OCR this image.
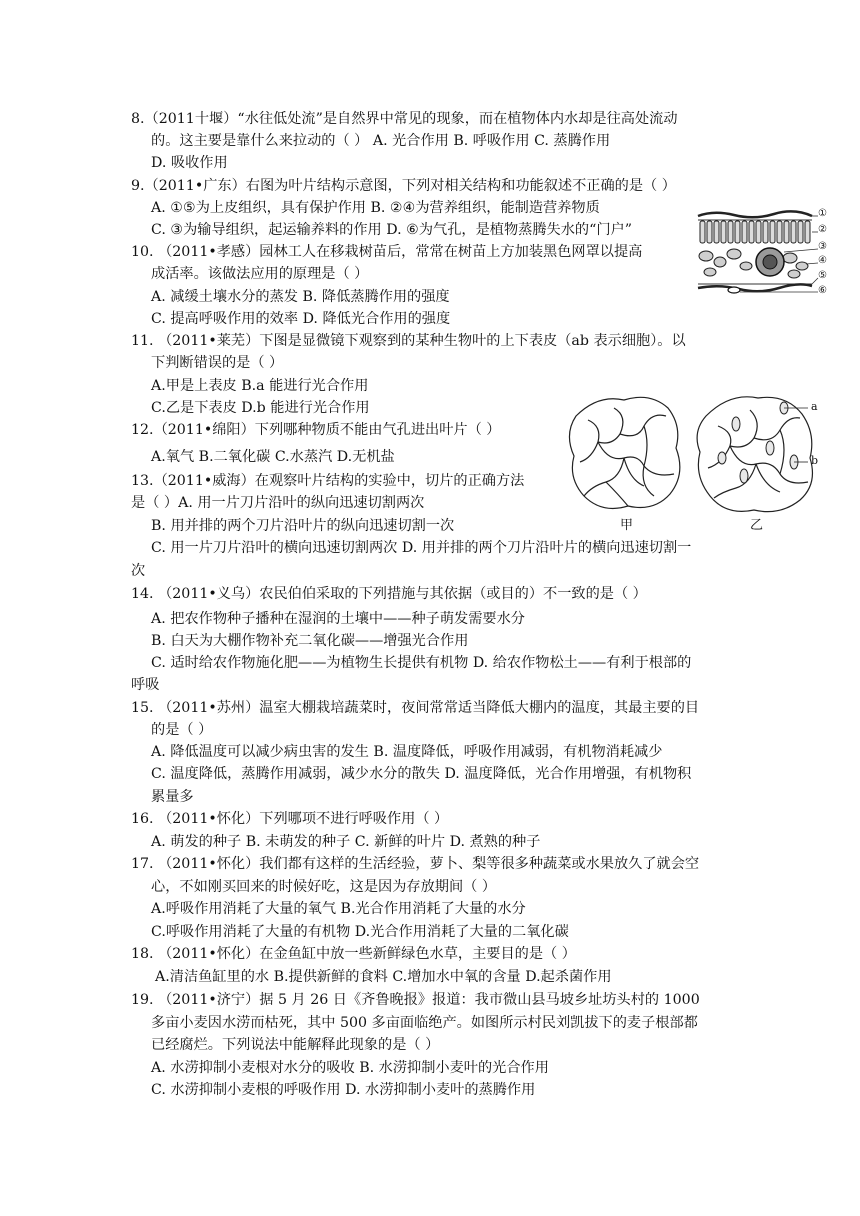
8.（2011十堰）“水往低处流”是自然界中常见的现象，而在植物体内水却是往高处流动
的。这主要是靠什么来拉动的（ ） A. 光合作用 B. 呼吸作用 C. 蒸腾作用
D. 吸收作用
9.（2011•广东）右图为叶片结构示意图，下列对相关结构和功能叙述不正确的是（ ）
A. ①⑤为上皮组织，具有保护作用 B. ②④为营养组织，能制造营养物质
C. ③为输导组织，起运输养料的作用 D. ⑥为气孔，是植物蒸腾失水的“门户”
10. （2011•孝感）园林工人在移栽树苗后，常常在树苗上方加装黑色网罩以提高
成活率。该做法应用的原理是（ ）
A. 减缓土壤水分的蒸发 B. 降低蒸腾作用的强度
C. 提高呼吸作用的效率 D. 降低光合作用的强度
11. （2011•莱芜）下图是显微镜下观察到的某种生物叶的上下表皮（ab 表示细胞）。以
下判断错误的是（ ）
A.甲是上表皮 B.a 能进行光合作用
C.乙是下表皮 D.b 能进行光合作用
12.（2011•绵阳）下列哪种物质不能由气孔进出叶片（ ）
A.氧气 B.二氧化碳 C.水蒸汽 D.无机盐
13.（2011•威海）在观察叶片结构的实验中，切片的正确方法
是（ ）A. 用一片刀片沿叶的纵向迅速切割两次
B. 用并排的两个刀片沿叶片的纵向迅速切割一次
C. 用一片刀片沿叶的横向迅速切割两次 D. 用并排的两个刀片沿叶片的横向迅速切割一
次
14. （2011•义乌）农民伯伯采取的下列措施与其依据（或目的）不一致的是（ ）
A. 把农作物种子播种在湿润的土壤中——种子萌发需要水分
B. 白天为大棚作物补充二氧化碳——增强光合作用
C. 适时给农作物施化肥——为植物生长提供有机物 D. 给农作物松土——有利于根部的
呼吸
15. （2011•苏州）温室大棚栽培蔬菜时，夜间常常适当降低大棚内的温度，其最主要的目
的是（ ）
A. 降低温度可以减少病虫害的发生 B. 温度降低，呼吸作用减弱，有机物消耗减少
C. 温度降低，蒸腾作用减弱，减少水分的散失 D. 温度降低，光合作用增强，有机物积
累量多
16. （2011•怀化）下列哪项不进行呼吸作用（ ）
A. 萌发的种子 B. 未萌发的种子 C. 新鲜的叶片 D. 煮熟的种子
17. （2011•怀化）我们都有这样的生活经验，萝卜、梨等很多种蔬菜或水果放久了就会空
心，不如刚买回来的时候好吃，这是因为存放期间（ ）
A.呼吸作用消耗了大量的氧气 B.光合作用消耗了大量的水分
C.呼吸作用消耗了大量的有机物 D.光合作用消耗了大量的二氧化碳
18. （2011•怀化）在金鱼缸中放一些新鲜绿色水草，主要目的是（ ）
A.清洁鱼缸里的水 B.提供新鲜的食料 C.增加水中氧的含量 D.起杀菌作用
19. （2011•济宁）据 5 月 26 日《齐鲁晚报》报道：我市微山县马坡乡址坊头村的 1000
多亩小麦因水涝而枯死，其中 500 多亩面临绝产。如图所示村民刘凯拔下的麦子根部都
已经腐烂。下列说法中能解释此现象的是（ ）
A. 水涝抑制小麦根对水分的吸收 B. 水涝抑制小麦叶的光合作用
C. 水涝抑制小麦根的呼吸作用 D. 水涝抑制小麦叶的蒸腾作用
①
②
③
④
⑤
⑥
a
b
甲	乙
